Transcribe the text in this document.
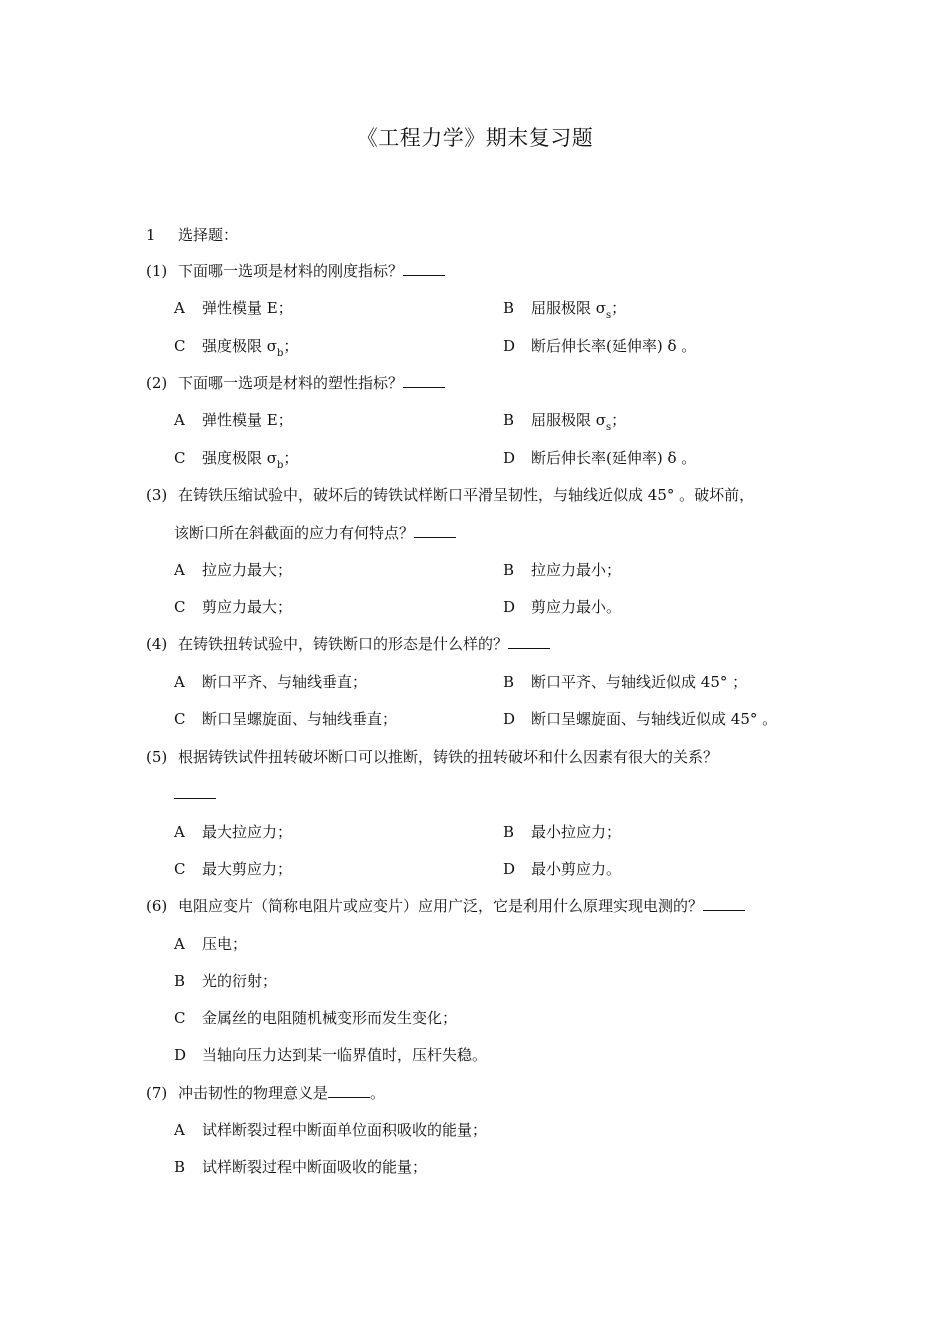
《工程力学》期末复习题
1 选择题：
(1) 下面哪一选项是材料的刚度指标？
A 弹性模量 E；	B 屈服极限 $\sigma_s$；
C 强度极限 $\sigma_b$；	D 断后伸长率(延伸率) δ 。
(2) 下面哪一选项是材料的塑性指标？
A 弹性模量 E；	B 屈服极限 $\sigma_s$；
C 强度极限 $\sigma_b$；	D 断后伸长率(延伸率) δ 。
(3) 在铸铁压缩试验中，破坏后的铸铁试样断口平滑呈韧性，与轴线近似成 45° 。破坏前，
该断口所在斜截面的应力有何特点？
A 拉应力最大；	B 拉应力最小；
C 剪应力最大；	D 剪应力最小。
(4) 在铸铁扭转试验中，铸铁断口的形态是什么样的？
A 断口平齐、与轴线垂直；	B 断口平齐、与轴线近似成 45° ；
C 断口呈螺旋面、与轴线垂直；	D 断口呈螺旋面、与轴线近似成 45° 。
(5) 根据铸铁试件扭转破坏断口可以推断，铸铁的扭转破坏和什么因素有很大的关系？
A 最大拉应力；	B 最小拉应力；
C 最大剪应力；	D 最小剪应力。
(6) 电阻应变片（简称电阻片或应变片）应用广泛，它是利用什么原理实现电测的？
A 压电；
B 光的衍射；
C 金属丝的电阻随机械变形而发生变化；
D 当轴向压力达到某一临界值时，压杆失稳。
(7) 冲击韧性的物理意义是	。
A 试样断裂过程中断面单位面积吸收的能量；
B 试样断裂过程中断面吸收的能量；
